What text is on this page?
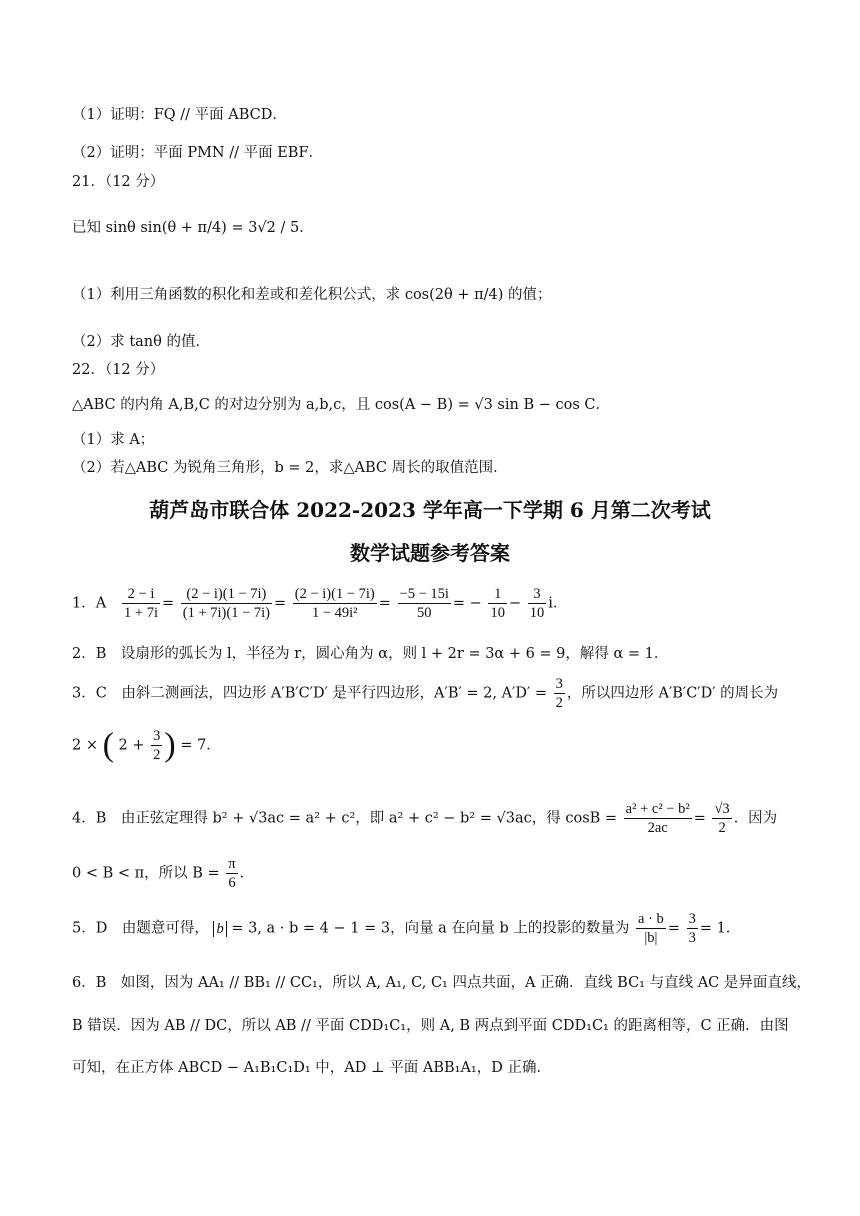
（1）证明：FQ // 平面 ABCD．
（2）证明：平面 PMN // 平面 EBF．
21．（12 分）
已知 sinθ sin(θ + π/4) = 3√2 / 5．
（1）利用三角函数的积化和差或和差化积公式，求 cos(2θ + π/4) 的值；
（2）求 tanθ 的值．
22．（12 分）
△ABC 的内角 A,B,C 的对边分别为 a,b,c，且 cos(A − B) = √3 sin B − cos C．
（1）求 A；
（2）若△ABC 为锐角三角形，b = 2，求△ABC 周长的取值范围．
葫芦岛市联合体 2022-2023 学年高一下学期 6 月第二次考试
数学试题参考答案
1．A $\frac{2 - i}{1 + 7i} = \frac{(2 - i)(1 - 7i)}{(1 + 7i)(1 - 7i)} = \frac{(2 - i)(1 - 7i)}{\text{1 − 49i²}} = \frac{-5 - 15i}{50}$ = − $\frac{1}{10} - \frac{3}{10}$ i．
2．B　设扇形的弧长为 l，半径为 r，圆心角为 α，则 l + 2r = 3α + 6 = 9，解得 α = 1．
3．C　由斜二测画法，四边形 A′B′C′D′ 是平行四边形，A′B′ = 2, $A'D' = \frac{3}{2}$ ，所以四边形 A′B′C′D′ 的周长为
2 × ( $2 + \frac{3}{2}$ ) = 7．
4．B　由正弦定理得 b² + √3ac = a² + c²，即 a² + c² − b² = √3ac，得 $\cos B = \frac{\text{a² + c² − b²}}{2ac} = \frac{√3}{2}$ ．因为
0 < B < π，所以 $B = \frac{\pi}{6}$ ．
5．D　由题意可得， b = 3, a · b = 4 − 1 = 3，向量 a 在向量 b 上的投影的数量为 $\frac{a \cdot b}{|b|} = \frac{3}{3} = 1$．
6．B　如图，因为 AA₁ // BB₁ // CC₁，所以 A, A₁, C, C₁ 四点共面，A 正确．直线 BC₁ 与直线 AC 是异面直线，
B 错误．因为 AB // DC，所以 AB // 平面 CDD₁C₁，则 A, B 两点到平面 CDD₁C₁ 的距离相等，C 正确．由图
可知，在正方体 ABCD − A₁B₁C₁D₁ 中，AD ⊥ 平面 ABB₁A₁，D 正确．
